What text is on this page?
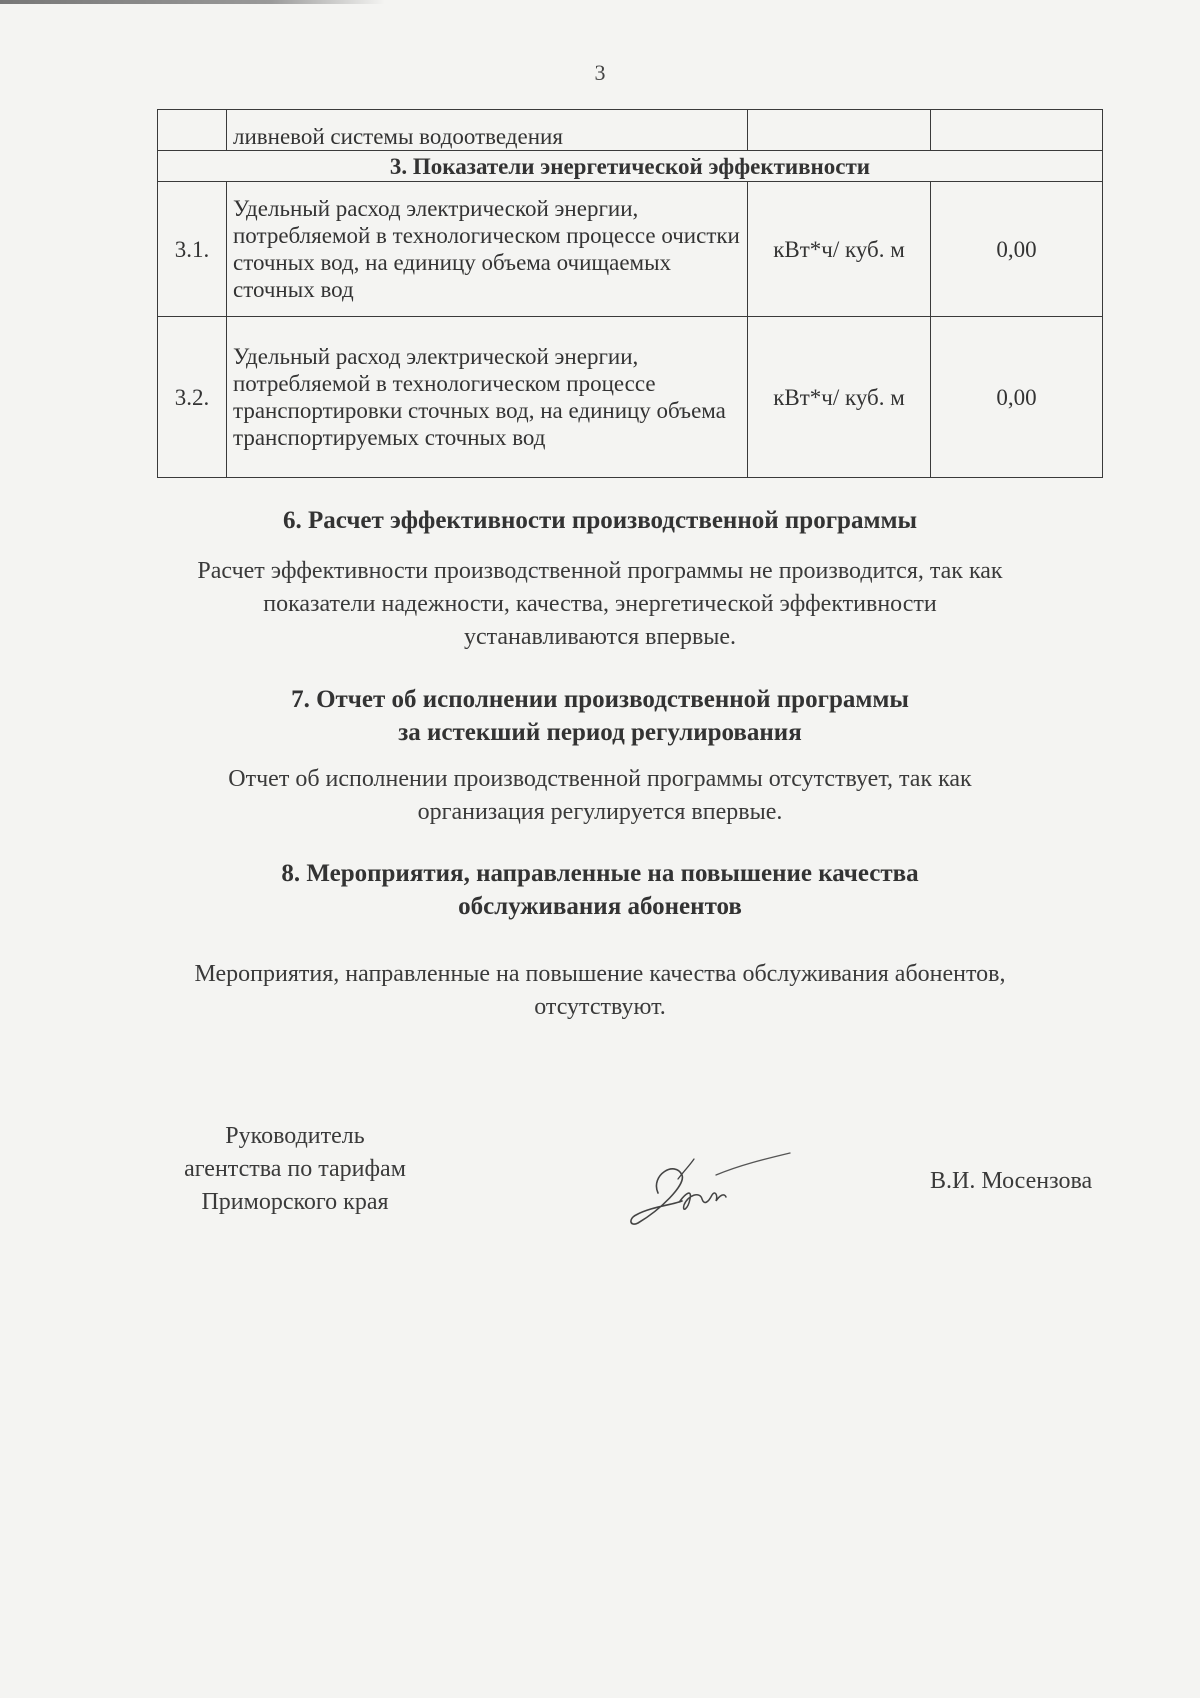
3
	ливневой системы водоотведения		
3. Показатели энергетической эффективности			
3.1.	Удельный расход электрической энергии, потребляемой в технологическом процессе очистки сточных вод, на единицу объема очищаемых сточных вод	кВт*ч/ куб. м	0,00
3.2.	Удельный расход электрической энергии, потребляемой в технологическом процессе транспортировки сточных вод, на единицу объема транспортируемых сточных вод	кВт*ч/ куб. м	0,00
6. Расчет эффективности производственной программы
Расчет эффективности производственной программы не производится, так как
показатели надежности, качества, энергетической эффективности
устанавливаются впервые.
7. Отчет об исполнении производственной программы
за истекший период регулирования
Отчет об исполнении производственной программы отсутствует, так как
организация регулируется впервые.
8. Мероприятия, направленные на повышение качества
обслуживания абонентов
Мероприятия, направленные на повышение качества обслуживания абонентов,
отсутствуют.
Руководитель
агентства по тарифам
Приморского края
В.И. Мосензова
